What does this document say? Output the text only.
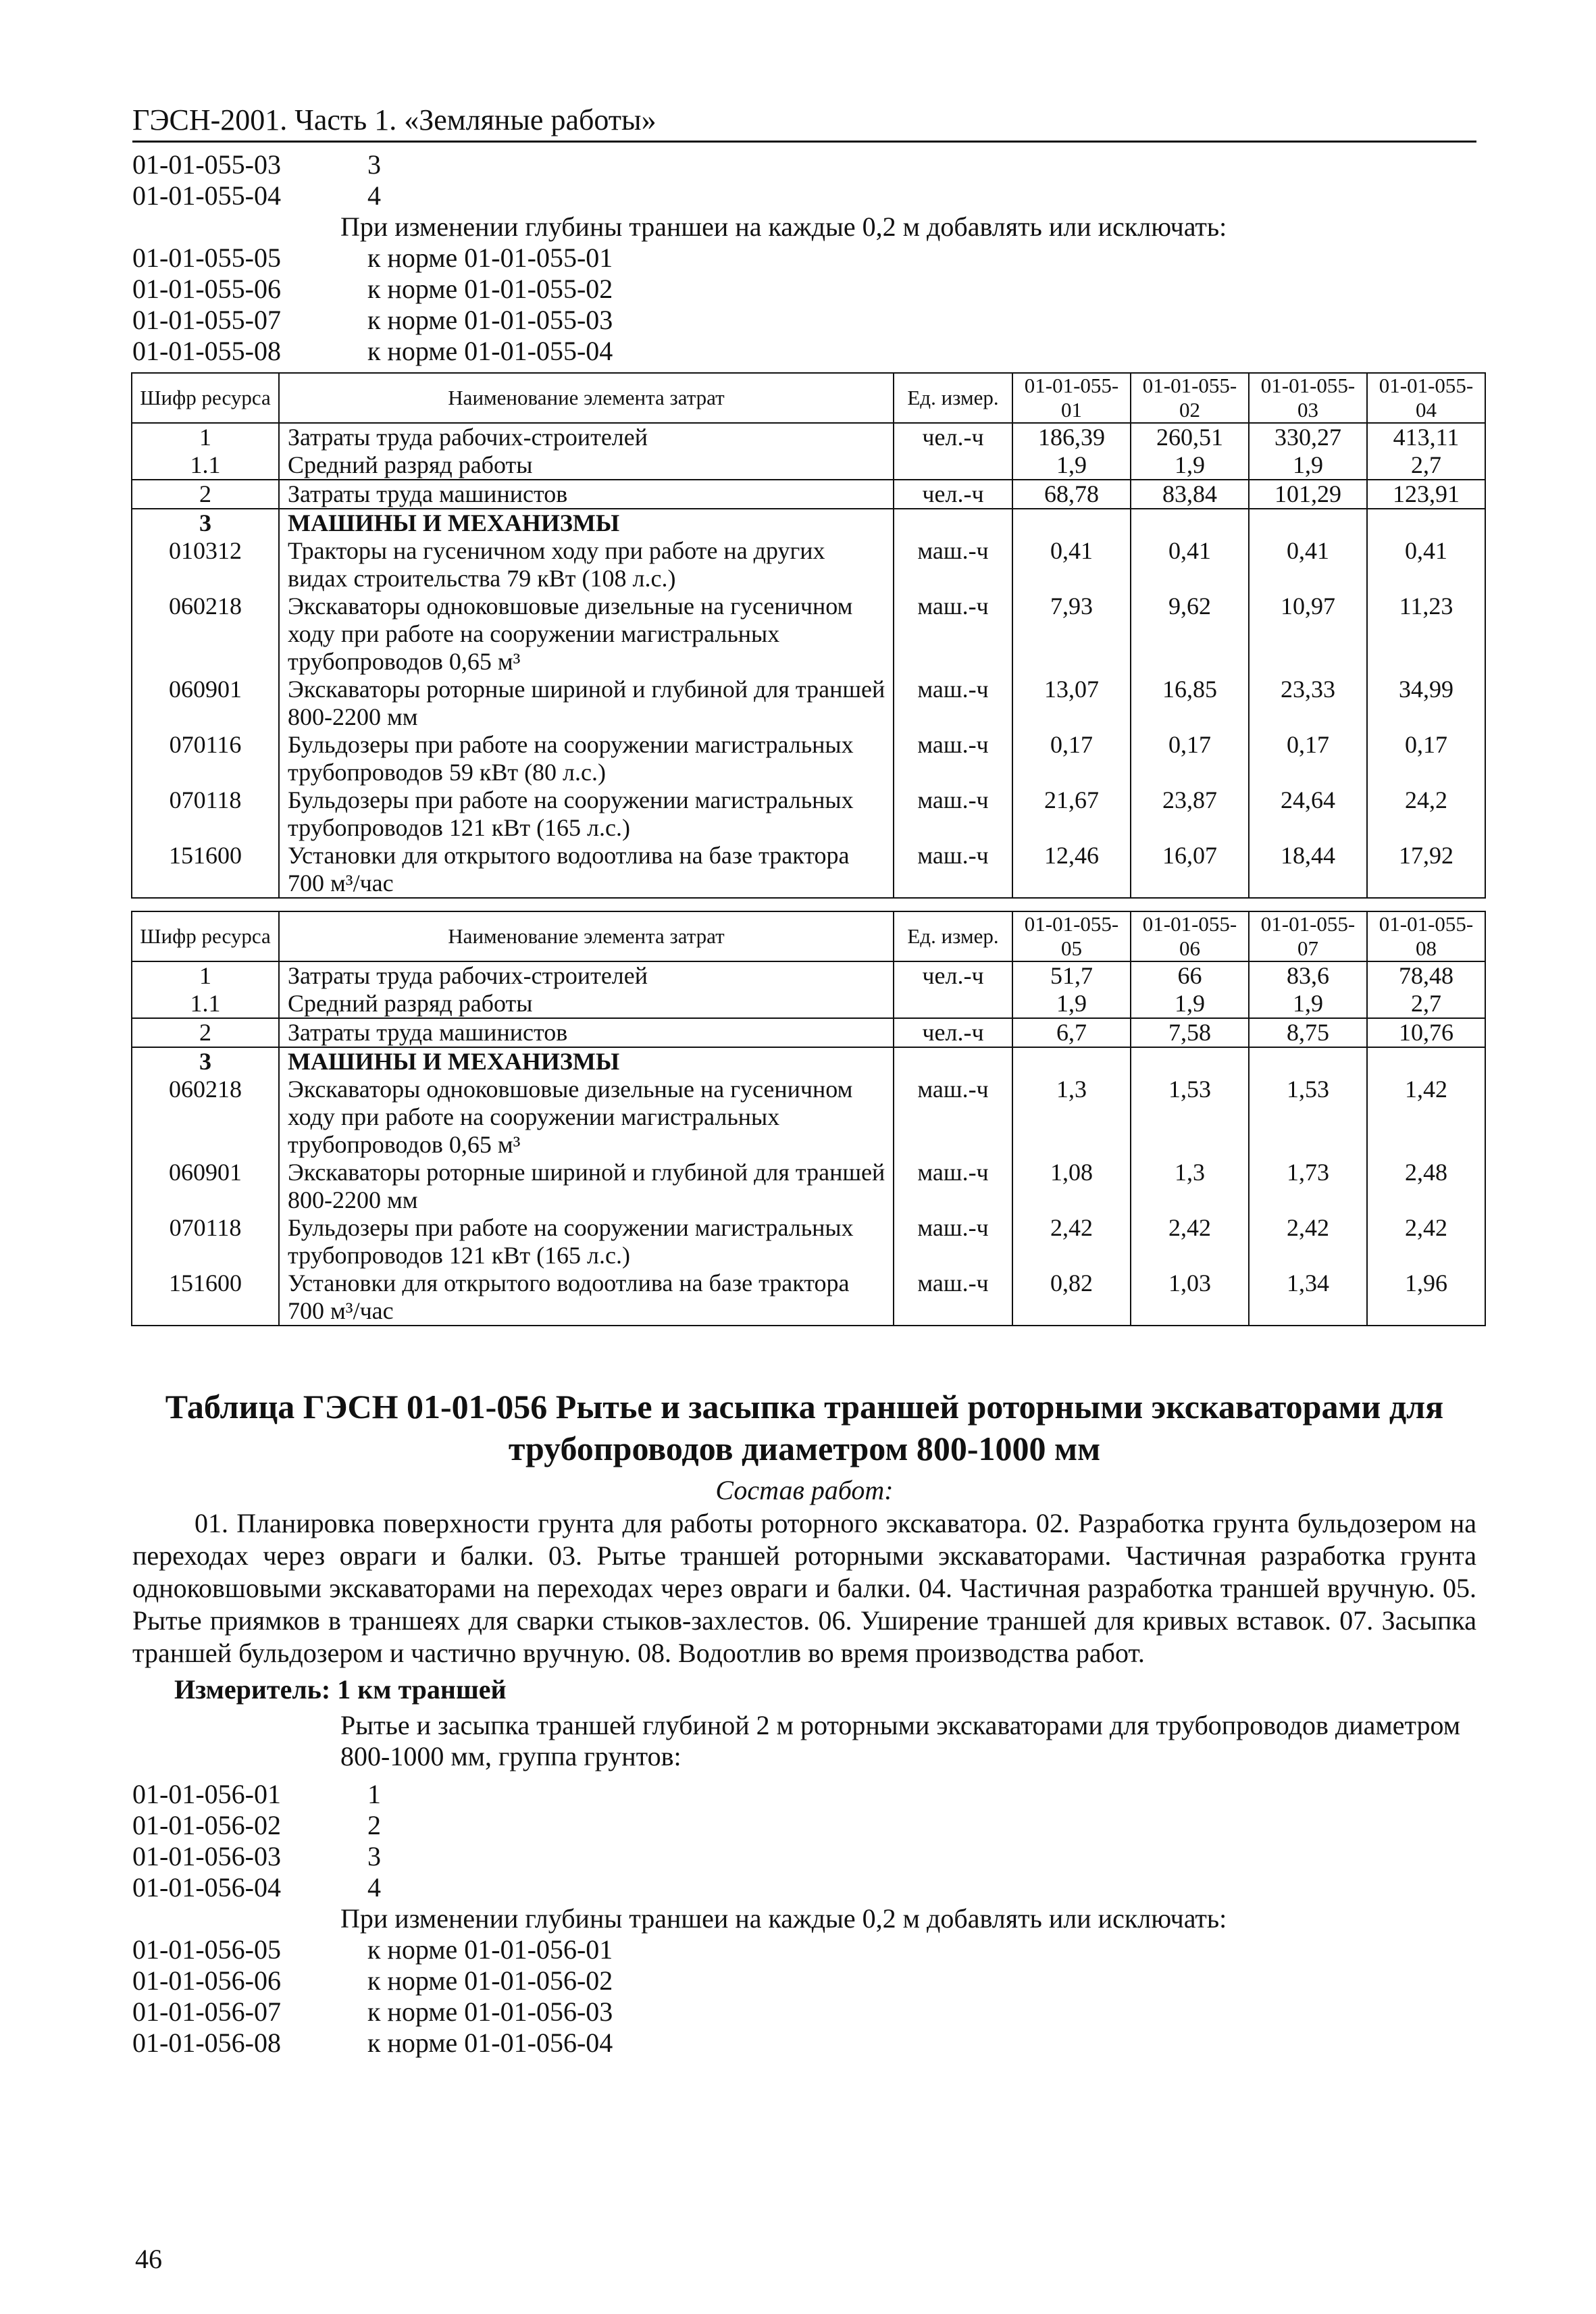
ГЭСН-2001. Часть 1. «Земляные работы»
01-01-055-03	3
01-01-055-04	4
При изменении глубины траншеи на каждые 0,2 м добавлять или исключать:
01-01-055-05	к норме 01-01-055-01
01-01-055-06	к норме 01-01-055-02
01-01-055-07	к норме 01-01-055-03
01-01-055-08	к норме 01-01-055-04
Шифр ресурса	Наименование элемента затрат	Ед. измер.	01-01-055-01	01-01-055-02	01-01-055-03	01-01-055-04
1	Затраты труда рабочих-строителей	чел.-ч	186,39	260,51	330,27	413,11
1.1	Средний разряд работы		1,9	1,9	1,9	2,7
2	Затраты труда машинистов	чел.-ч	68,78	83,84	101,29	123,91
3	МАШИНЫ И МЕХАНИЗМЫ					
010312	Тракторы на гусеничном ходу при работе на других видах строительства 79 кВт (108 л.с.)	маш.-ч	0,41	0,41	0,41	0,41
060218	Экскаваторы одноковшовые дизельные на гусеничном ходу при работе на сооружении магистральных трубопроводов 0,65 м³	маш.-ч	7,93	9,62	10,97	11,23
060901	Экскаваторы роторные шириной и глубиной для траншей 800-2200 мм	маш.-ч	13,07	16,85	23,33	34,99
070116	Бульдозеры при работе на сооружении магистральных трубопроводов 59 кВт (80 л.с.)	маш.-ч	0,17	0,17	0,17	0,17
070118	Бульдозеры при работе на сооружении магистральных трубопроводов 121 кВт (165 л.с.)	маш.-ч	21,67	23,87	24,64	24,2
151600	Установки для открытого водоотлива на базе трактора 700 м³/час	маш.-ч	12,46	16,07	18,44	17,92
Шифр ресурса	Наименование элемента затрат	Ед. измер.	01-01-055-05	01-01-055-06	01-01-055-07	01-01-055-08
1	Затраты труда рабочих-строителей	чел.-ч	51,7	66	83,6	78,48
1.1	Средний разряд работы		1,9	1,9	1,9	2,7
2	Затраты труда машинистов	чел.-ч	6,7	7,58	8,75	10,76
3	МАШИНЫ И МЕХАНИЗМЫ					
060218	Экскаваторы одноковшовые дизельные на гусеничном ходу при работе на сооружении магистральных трубопроводов 0,65 м³	маш.-ч	1,3	1,53	1,53	1,42
060901	Экскаваторы роторные шириной и глубиной для траншей 800-2200 мм	маш.-ч	1,08	1,3	1,73	2,48
070118	Бульдозеры при работе на сооружении магистральных трубопроводов 121 кВт (165 л.с.)	маш.-ч	2,42	2,42	2,42	2,42
151600	Установки для открытого водоотлива на базе трактора 700 м³/час	маш.-ч	0,82	1,03	1,34	1,96
Таблица ГЭСН 01-01-056 Рытье и засыпка траншей роторными экскаваторами для трубопроводов диаметром 800-1000 мм
Состав работ:
01. Планировка поверхности грунта для работы роторного экскаватора. 02. Разработка грунта бульдозером на переходах через овраги и балки. 03. Рытье траншей роторными экскаваторами. Частичная разработка грунта одноковшовыми экскаваторами на переходах через овраги и балки. 04. Частичная разработка траншей вручную. 05. Рытье приямков в траншеях для сварки стыков-захлестов. 06. Уширение траншей для кривых вставок. 07. Засыпка траншей бульдозером и частично вручную. 08. Водоотлив во время производства работ.
Измеритель: 1 км траншей
Рытье и засыпка траншей глубиной 2 м роторными экскаваторами для трубопроводов диаметром 800-1000 мм, группа грунтов:
01-01-056-01	1
01-01-056-02	2
01-01-056-03	3
01-01-056-04	4
При изменении глубины траншеи на каждые 0,2 м добавлять или исключать:
01-01-056-05	к норме 01-01-056-01
01-01-056-06	к норме 01-01-056-02
01-01-056-07	к норме 01-01-056-03
01-01-056-08	к норме 01-01-056-04
46
